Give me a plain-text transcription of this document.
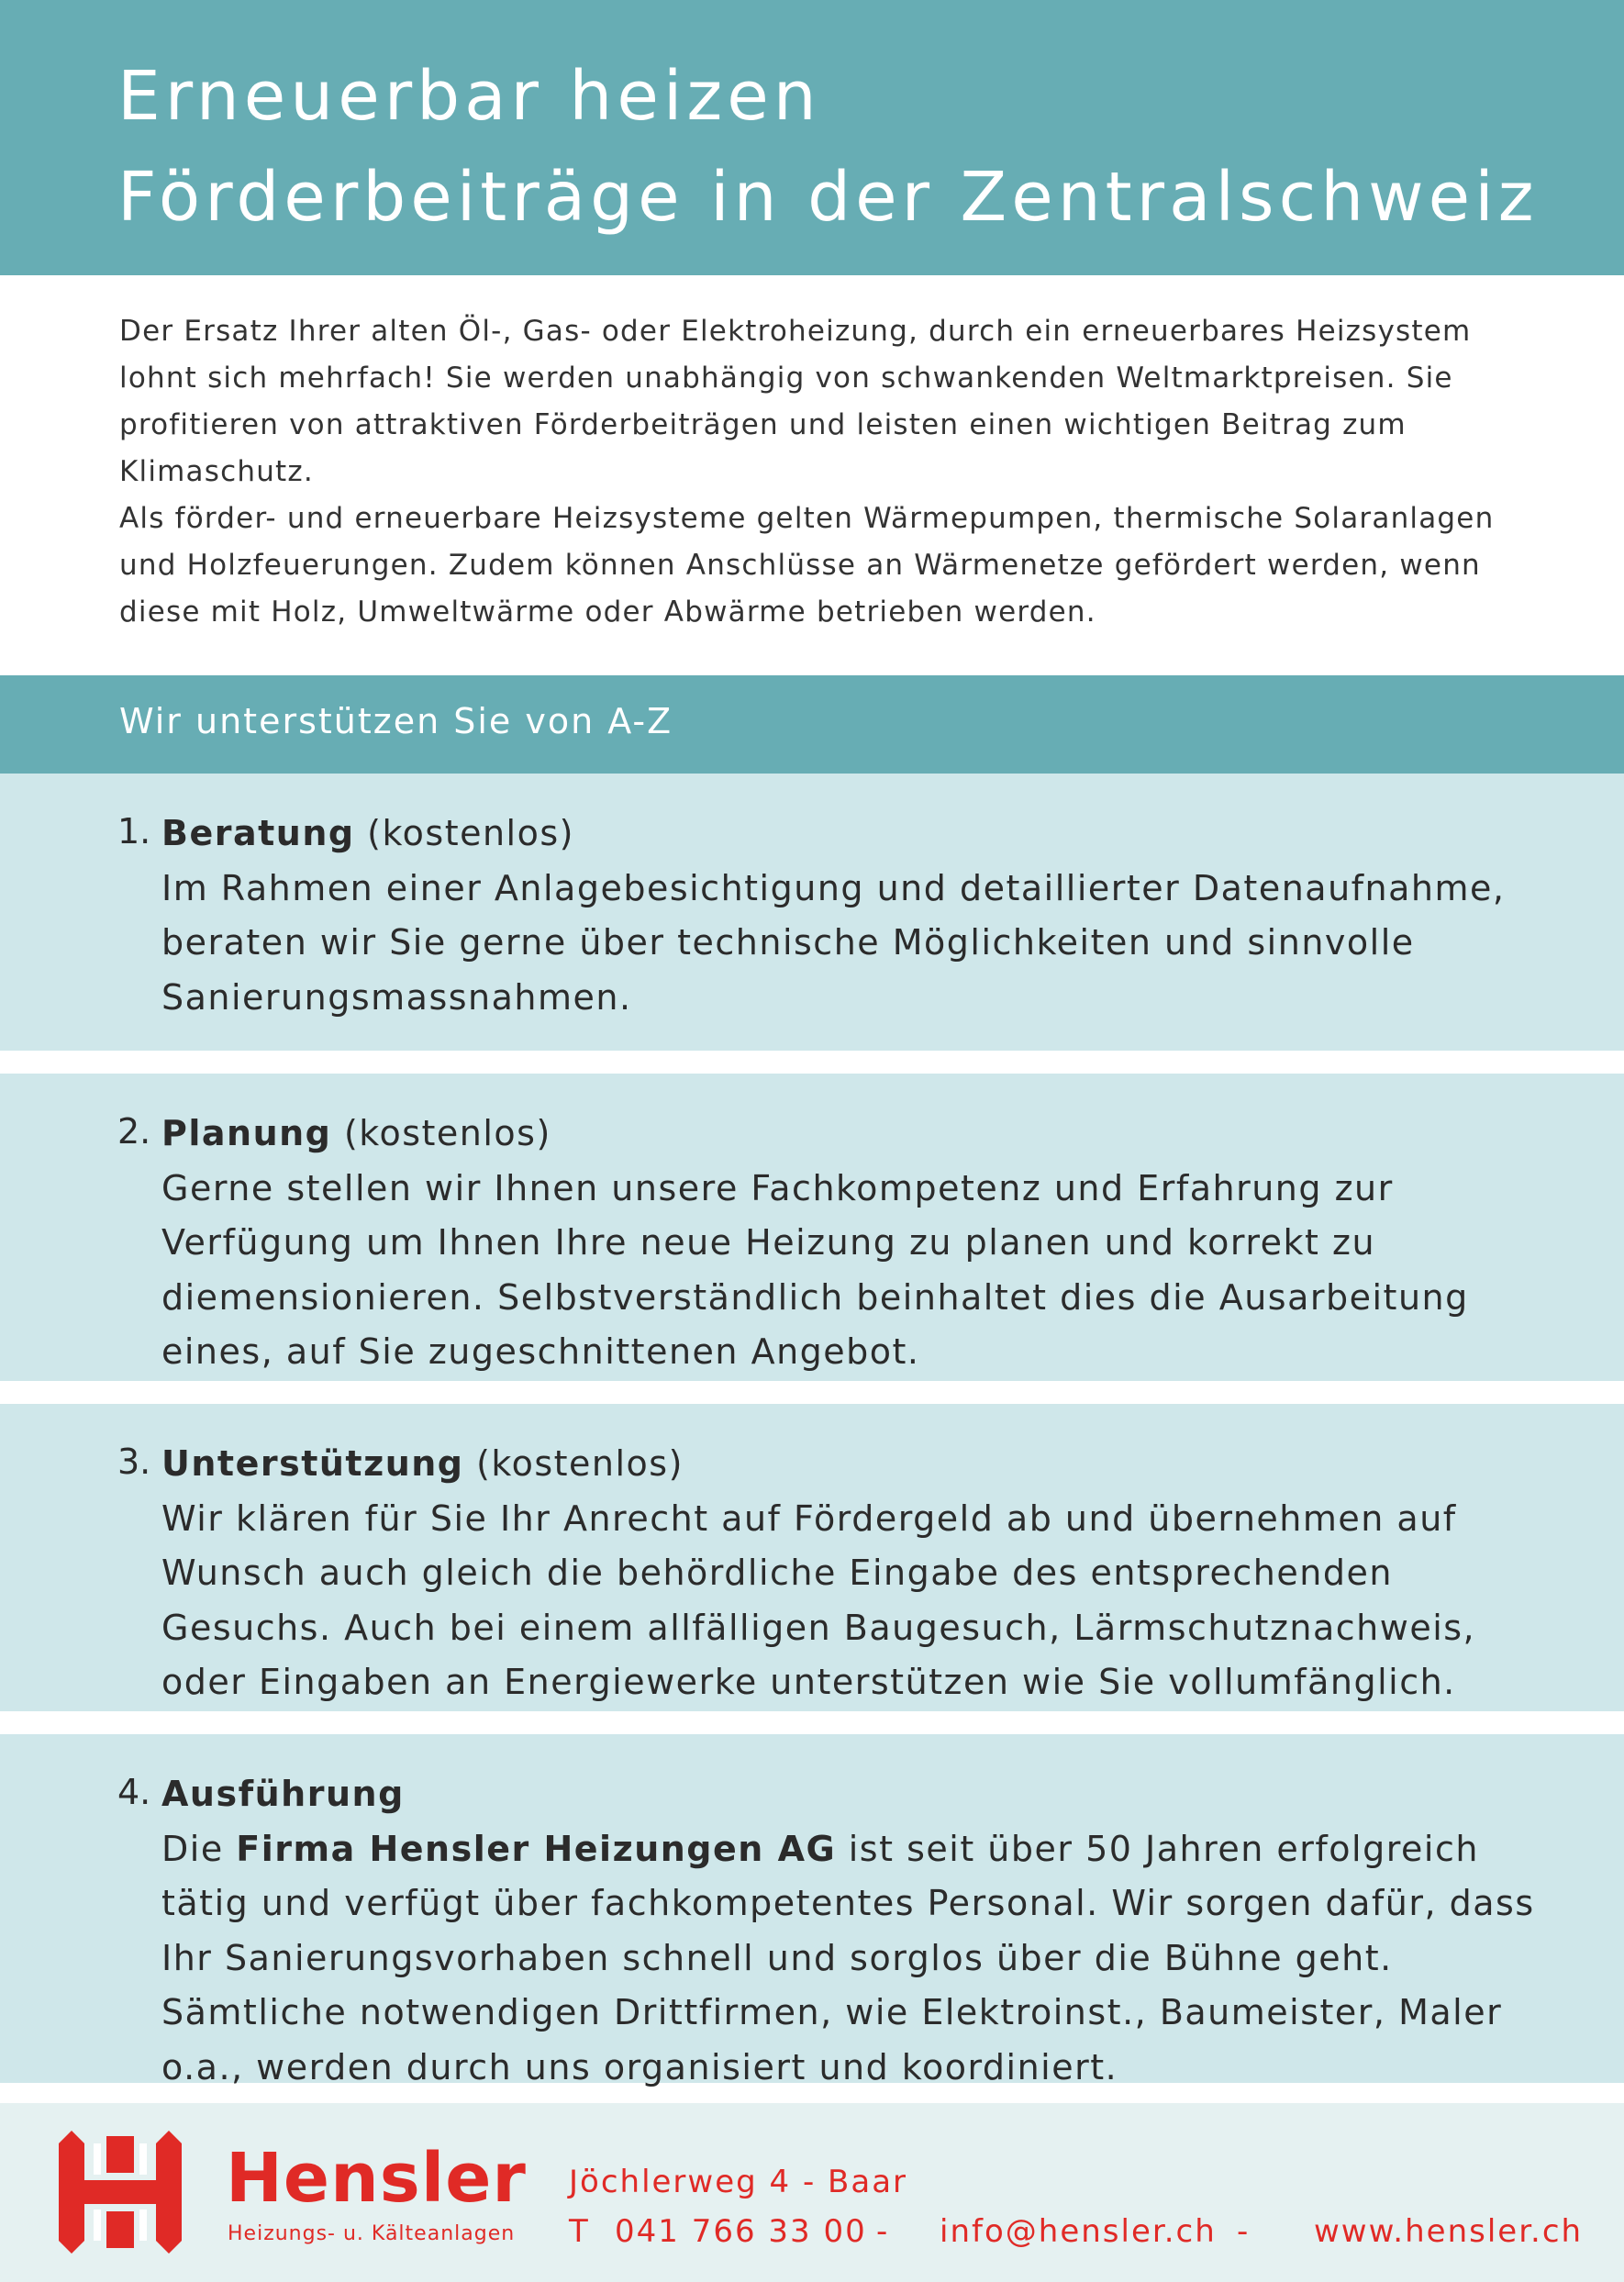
Erneuerbar heizen
Förderbeiträge in der Zentralschweiz

Der Ersatz Ihrer alten Öl-, Gas- oder Elektroheizung, durch ein erneuerbares Heizsystem lohnt sich mehrfach! Sie werden unabhängig von schwankenden Weltmarktpreisen. Sie profitieren von attraktiven Förderbeiträgen und leisten einen wichtigen Beitrag zum Klimaschutz.

Als förder- und erneuerbare Heizsysteme gelten Wärmepumpen, thermische Solaranlagen und Holzfeuerungen. Zudem können Anschlüsse an Wärmenetze gefördert werden, wenn diese mit Holz, Umweltwärme oder Abwärme betrieben werden.

Wir unterstützen Sie von A-Z
1. Beratung (kostenlos)
Im Rahmen einer Anlagebesichtigung und detaillierter Datenaufnahme, beraten wir Sie gerne über technische Möglichkeiten und sinnvolle Sanierungsmassnahmen.
2. Planung (kostenlos)
Gerne stellen wir Ihnen unsere Fachkompetenz und Erfahrung zur Verfügung um Ihnen Ihre neue Heizung zu planen und korrekt zu diemensionieren. Selbstverständlich beinhaltet dies die Ausarbeitung eines, auf Sie zugeschnittenen Angebot.
3. Unterstützung (kostenlos)
Wir klären für Sie Ihr Anrecht auf Fördergeld ab und übernehmen auf Wunsch auch gleich die behördliche Eingabe des entsprechenden Gesuchs. Auch bei einem allfälligen Baugesuch, Lärmschutznachweis, oder Eingaben an Energiewerke unterstützen wie Sie vollumfänglich.
4. Ausführung
Die Firma Hensler Heizungen AG ist seit über 50 Jahren erfolgreich tätig und verfügt über fachkompetentes Personal. Wir sorgen dafür, dass Ihr Sanierungsvorhaben schnell und sorglos über die Bühne geht. Sämtliche notwendigen Drittfirmen, wie Elektroinst., Baumeister, Maler o.a., werden durch uns organisiert und koordiniert.
Hensler
Heizungs- u. Kälteanlagen
Jöchlerweg 4 - Baar
T 041 766 33 00 - info@hensler.ch - www.hensler.ch
